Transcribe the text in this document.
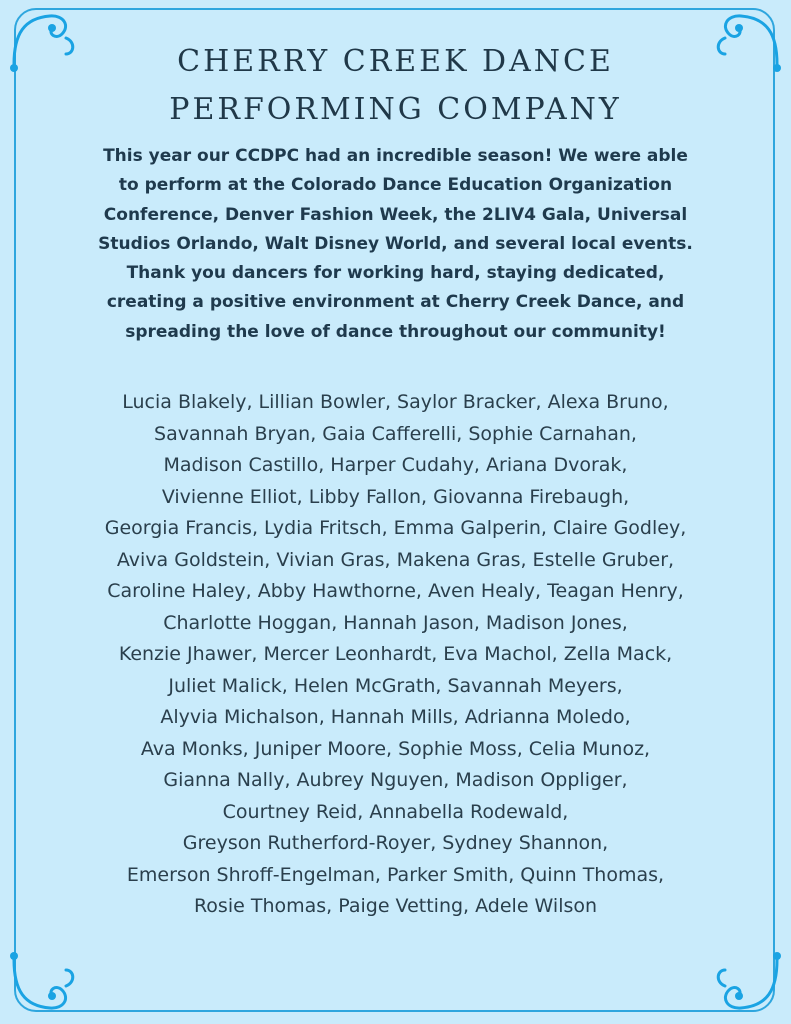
CHERRY CREEK DANCE
PERFORMING COMPANY

This year our CCDPC had an incredible season! We were able
to perform at the Colorado Dance Education Organization
Conference, Denver Fashion Week, the 2LIV4 Gala, Universal
Studios Orlando, Walt Disney World, and several local events.
Thank you dancers for working hard, staying dedicated,
creating a positive environment at Cherry Creek Dance, and
spreading the love of dance throughout our community!

Lucia Blakely, Lillian Bowler, Saylor Bracker, Alexa Bruno,
Savannah Bryan, Gaia Cafferelli, Sophie Carnahan,
Madison Castillo, Harper Cudahy, Ariana Dvorak,
Vivienne Elliot, Libby Fallon, Giovanna Firebaugh,
Georgia Francis, Lydia Fritsch, Emma Galperin, Claire Godley,
Aviva Goldstein, Vivian Gras, Makena Gras, Estelle Gruber,
Caroline Haley, Abby Hawthorne, Aven Healy, Teagan Henry,
Charlotte Hoggan, Hannah Jason, Madison Jones,
Kenzie Jhawer, Mercer Leonhardt, Eva Machol, Zella Mack,
Juliet Malick, Helen McGrath, Savannah Meyers,
Alyvia Michalson, Hannah Mills, Adrianna Moledo,
Ava Monks, Juniper Moore, Sophie Moss, Celia Munoz,
Gianna Nally, Aubrey Nguyen, Madison Oppliger,
Courtney Reid, Annabella Rodewald,
Greyson Rutherford-Royer, Sydney Shannon,
Emerson Shroff-Engelman, Parker Smith, Quinn Thomas,
Rosie Thomas, Paige Vetting, Adele Wilson
